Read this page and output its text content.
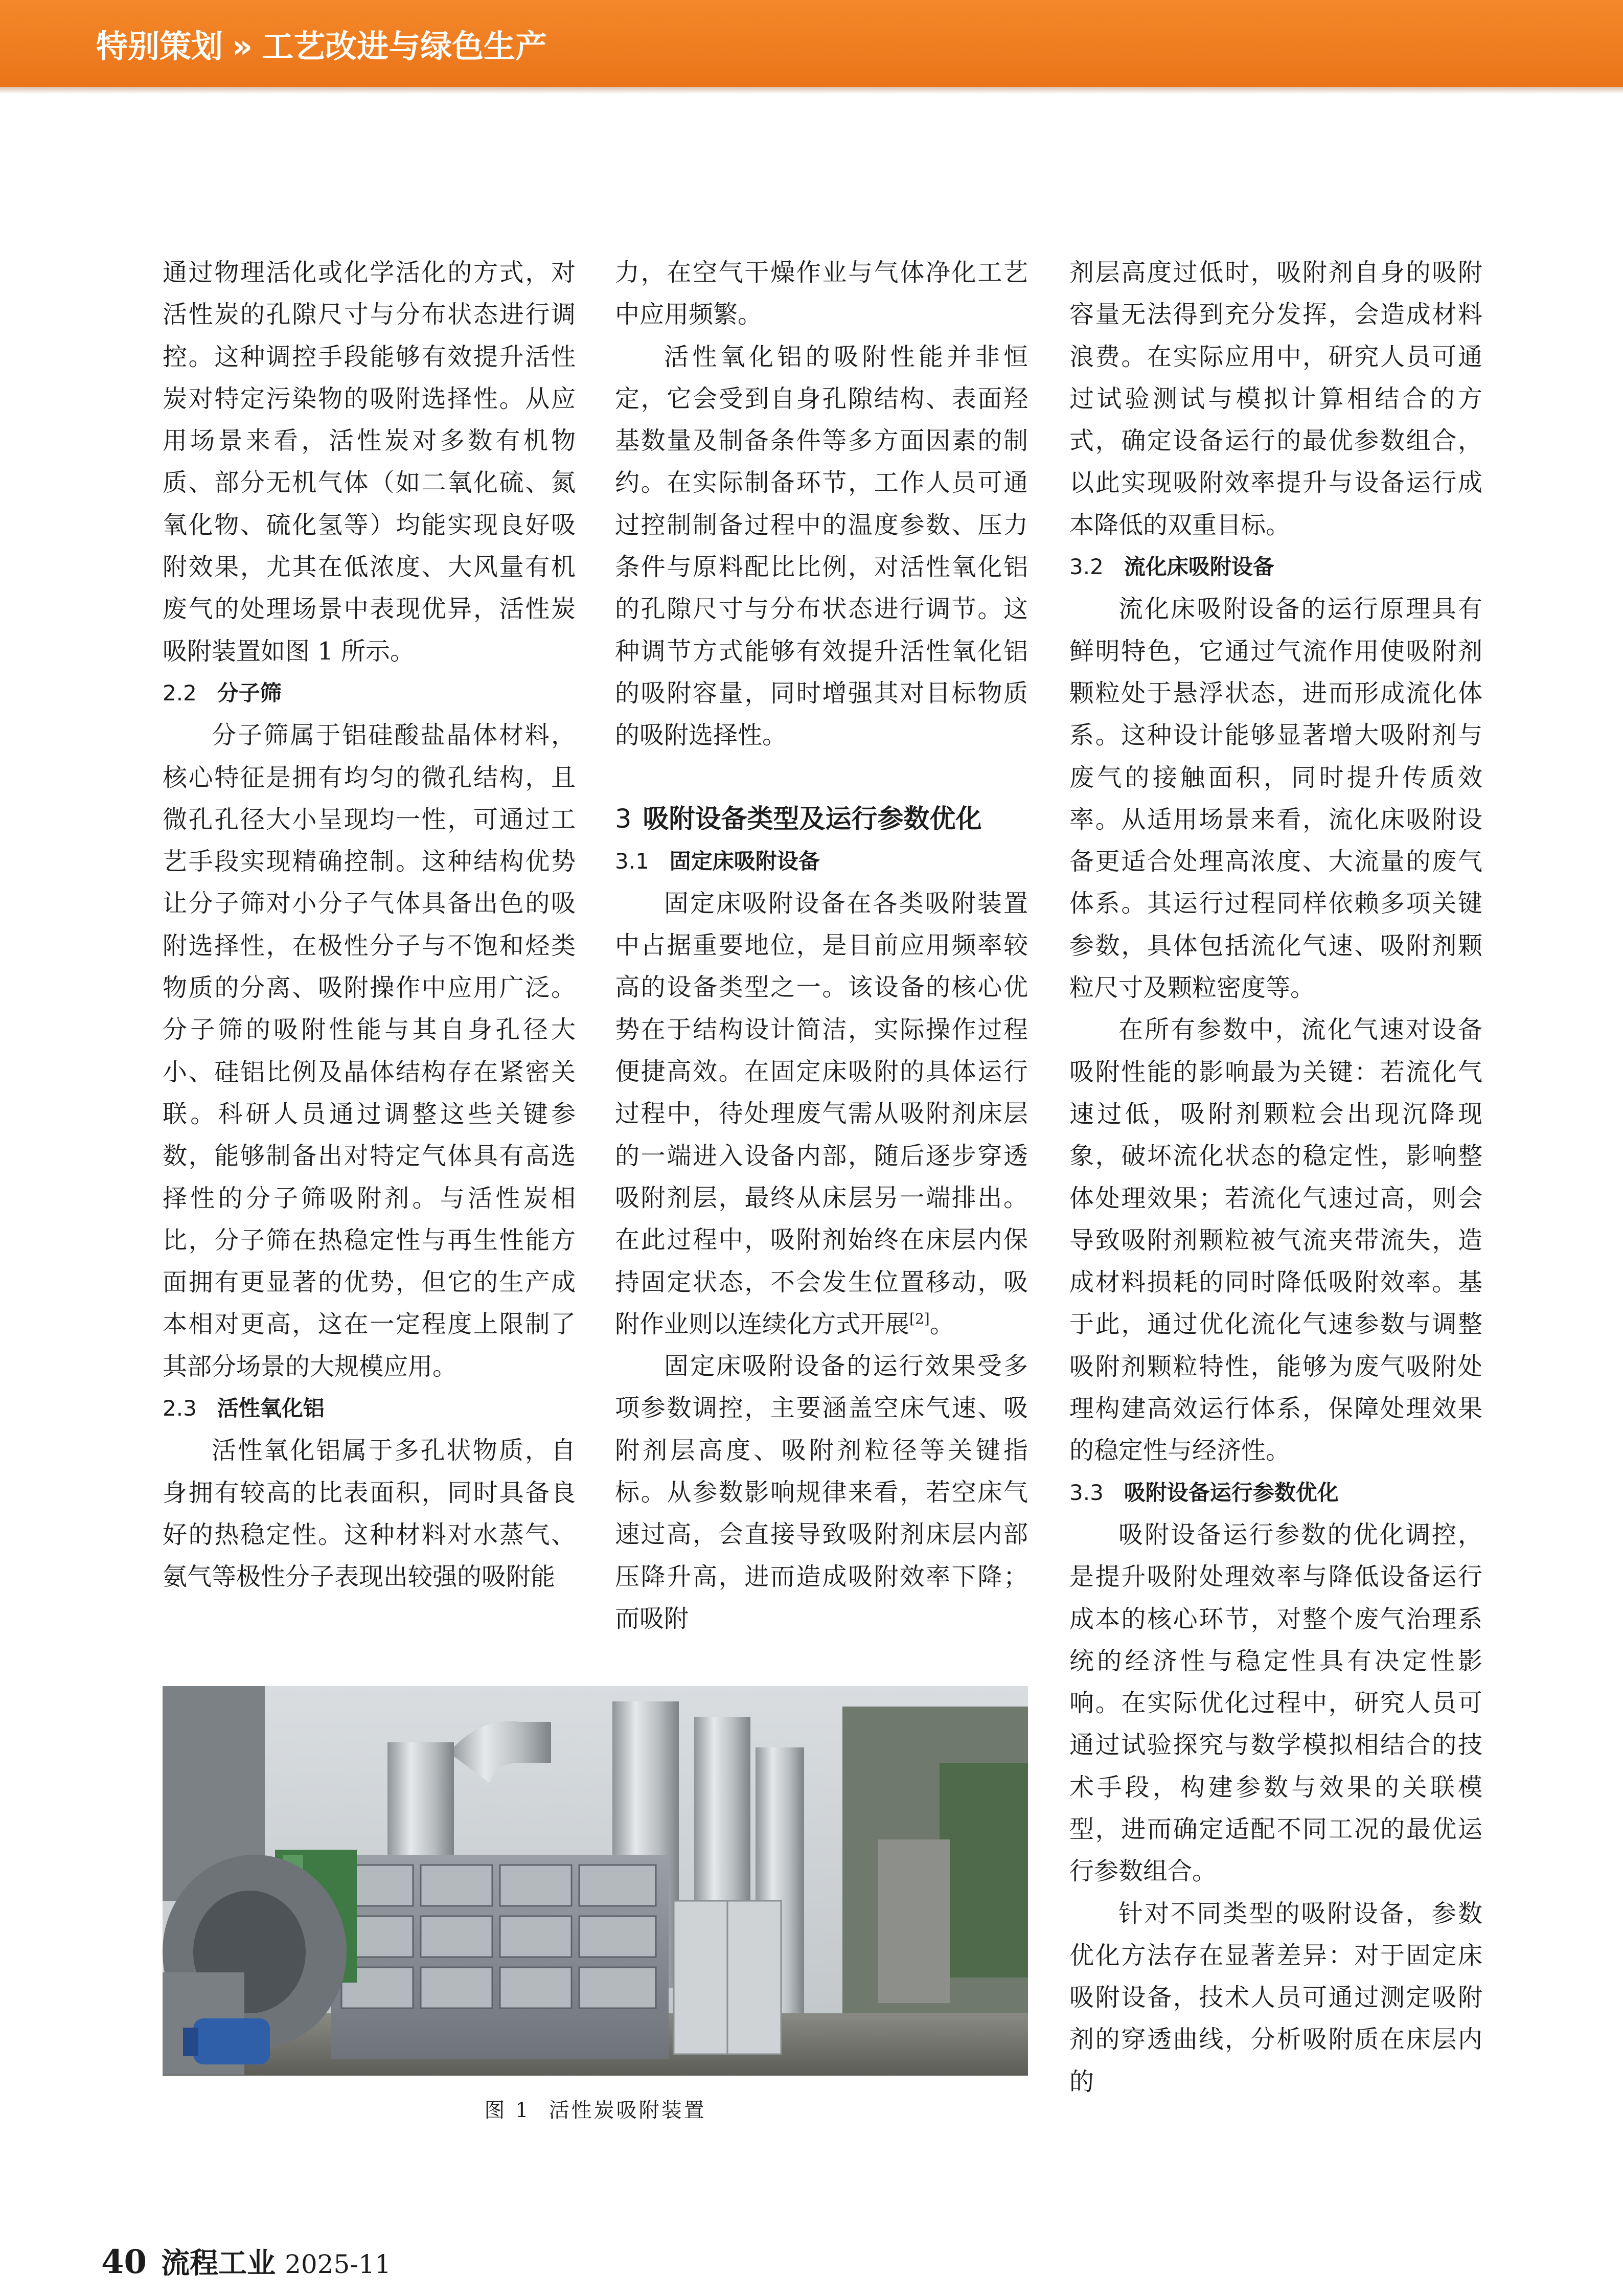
特别策划 » 工艺改进与绿色生产

通过物理活化或化学活化的方式，对活性炭的孔隙尺寸与分布状态进行调控。这种调控手段能够有效提升活性炭对特定污染物的吸附选择性。从应用场景来看，活性炭对多数有机物质、部分无机气体（如二氧化硫、氮氧化物、硫化氢等）均能实现良好吸附效果，尤其在低浓度、大风量有机废气的处理场景中表现优异，活性炭吸附装置如图 1 所示。

2.2 分子筛

分子筛属于铝硅酸盐晶体材料，核心特征是拥有均匀的微孔结构，且微孔孔径大小呈现均一性，可通过工艺手段实现精确控制。这种结构优势让分子筛对小分子气体具备出色的吸附选择性，在极性分子与不饱和烃类物质的分离、吸附操作中应用广泛。分子筛的吸附性能与其自身孔径大小、硅铝比例及晶体结构存在紧密关联。科研人员通过调整这些关键参数，能够制备出对特定气体具有高选择性的分子筛吸附剂。与活性炭相比，分子筛在热稳定性与再生性能方面拥有更显著的优势，但它的生产成本相对更高，这在一定程度上限制了其部分场景的大规模应用。

2.3 活性氧化铝

活性氧化铝属于多孔状物质，自身拥有较高的比表面积，同时具备良好的热稳定性。这种材料对水蒸气、氨气等极性分子表现出较强的吸附能

力，在空气干燥作业与气体净化工艺中应用频繁。

活性氧化铝的吸附性能并非恒定，它会受到自身孔隙结构、表面羟基数量及制备条件等多方面因素的制约。在实际制备环节，工作人员可通过控制制备过程中的温度参数、压力条件与原料配比比例，对活性氧化铝的孔隙尺寸与分布状态进行调节。这种调节方式能够有效提升活性氧化铝的吸附容量，同时增强其对目标物质的吸附选择性。

3 吸附设备类型及运行参数优化
3.1 固定床吸附设备

固定床吸附设备在各类吸附装置中占据重要地位，是目前应用频率较高的设备类型之一。该设备的核心优势在于结构设计简洁，实际操作过程便捷高效。在固定床吸附的具体运行过程中，待处理废气需从吸附剂床层的一端进入设备内部，随后逐步穿透吸附剂层，最终从床层另一端排出。在此过程中，吸附剂始终在床层内保持固定状态，不会发生位置移动，吸附作业则以连续化方式开展[2]。

固定床吸附设备的运行效果受多项参数调控，主要涵盖空床气速、吸附剂层高度、吸附剂粒径等关键指标。从参数影响规律来看，若空床气速过高，会直接导致吸附剂床层内部压降升高，进而造成吸附效率下降；而吸附

剂层高度过低时，吸附剂自身的吸附容量无法得到充分发挥，会造成材料浪费。在实际应用中，研究人员可通过试验测试与模拟计算相结合的方式，确定设备运行的最优参数组合，以此实现吸附效率提升与设备运行成本降低的双重目标。

3.2 流化床吸附设备

流化床吸附设备的运行原理具有鲜明特色，它通过气流作用使吸附剂颗粒处于悬浮状态，进而形成流化体系。这种设计能够显著增大吸附剂与废气的接触面积，同时提升传质效率。从适用场景来看，流化床吸附设备更适合处理高浓度、大流量的废气体系。其运行过程同样依赖多项关键参数，具体包括流化气速、吸附剂颗粒尺寸及颗粒密度等。

在所有参数中，流化气速对设备吸附性能的影响最为关键：若流化气速过低，吸附剂颗粒会出现沉降现象，破坏流化状态的稳定性，影响整体处理效果；若流化气速过高，则会导致吸附剂颗粒被气流夹带流失，造成材料损耗的同时降低吸附效率。基于此，通过优化流化气速参数与调整吸附剂颗粒特性，能够为废气吸附处理构建高效运行体系，保障处理效果的稳定性与经济性。

3.3 吸附设备运行参数优化

吸附设备运行参数的优化调控，是提升吸附处理效率与降低设备运行成本的核心环节，对整个废气治理系统的经济性与稳定性具有决定性影响。在实际优化过程中，研究人员可通过试验探究与数学模拟相结合的技术手段，构建参数与效果的关联模型，进而确定适配不同工况的最优运行参数组合。

针对不同类型的吸附设备，参数优化方法存在显著差异：对于固定床吸附设备，技术人员可通过测定吸附剂的穿透曲线，分析吸附质在床层内的

图 1 活性炭吸附装置
40 流程工业 2025-11
